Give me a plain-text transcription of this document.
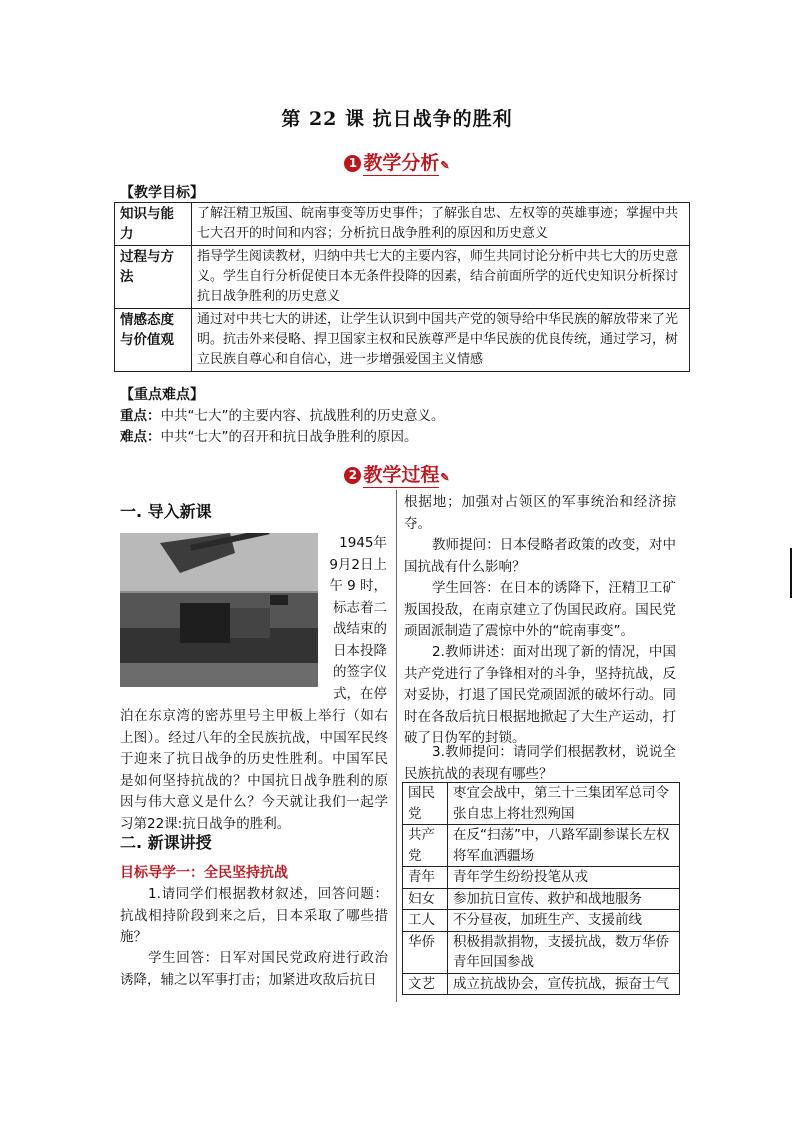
第 22 课 抗日战争的胜利
1 教学分析✎
【教学目标】
知识与能力	了解汪精卫叛国、皖南事变等历史事件；了解张自忠、左权等的英雄事迹；掌握中共七大召开的时间和内容；分析抗日战争胜利的原因和历史意义
过程与方法	指导学生阅读教材，归纳中共七大的主要内容，师生共同讨论分析中共七大的历史意义。学生自行分析促使日本无条件投降的因素，结合前面所学的近代史知识分析探讨抗日战争胜利的历史意义
情感态度与价值观	通过对中共七大的讲述，让学生认识到中国共产党的领导给中华民族的解放带来了光明。抗击外来侵略、捍卫国家主权和民族尊严是中华民族的优良传统，通过学习，树立民族自尊心和自信心，进一步增强爱国主义情感
【重点难点】
重点：中共“七大”的主要内容、抗战胜利的历史意义。
难点：中共“七大”的召开和抗日战争胜利的原因。
2 教学过程✎
一. 导入新课
1945年
9月2日上
午 9 时，
标志着二
战结束的
日本投降
的签字仪
式，在停
泊在东京湾的密苏里号主甲板上举行（如右上图）。经过八年的全民族抗战，中国军民终于迎来了抗日战争的历史性胜利。中国军民是如何坚持抗战的？中国抗日战争胜利的原因与伟大意义是什么？今天就让我们一起学习第22课:抗日战争的胜利。
二. 新课讲授
目标导学一：全民坚持抗战
1.请同学们根据教材叙述，回答问题：抗战相持阶段到来之后，日本采取了哪些措施？
学生回答：日军对国民党政府进行政治诱降，辅之以军事打击；加紧进攻敌后抗日
根据地；加强对占领区的军事统治和经济掠夺。
教师提问：日本侵略者政策的改变，对中国抗战有什么影响？
学生回答：在日本的诱降下，汪精卫工矿叛国投敌，在南京建立了伪国民政府。国民党顽固派制造了震惊中外的“皖南事变”。
2.教师讲述：面对出现了新的情况，中国共产党进行了争锋相对的斗争，坚持抗战，反对妥协，打退了国民党顽固派的破坏行动。同时在各敌后抗日根据地掀起了大生产运动，打破了日伪军的封锁。
3.教师提问：请同学们根据教材，说说全民族抗战的表现有哪些？
国民党	枣宜会战中，第三十三集团军总司令张自忠上将壮烈殉国
共产党	在反“扫荡”中，八路军副参谋长左权将军血洒疆场
青年	青年学生纷纷投笔从戎
妇女	参加抗日宣传、救护和战地服务
工人	不分昼夜，加班生产、支援前线
华侨	积极捐款捐物，支援抗战，数万华侨青年回国参战
文艺	成立抗战协会，宣传抗战，振奋士气
